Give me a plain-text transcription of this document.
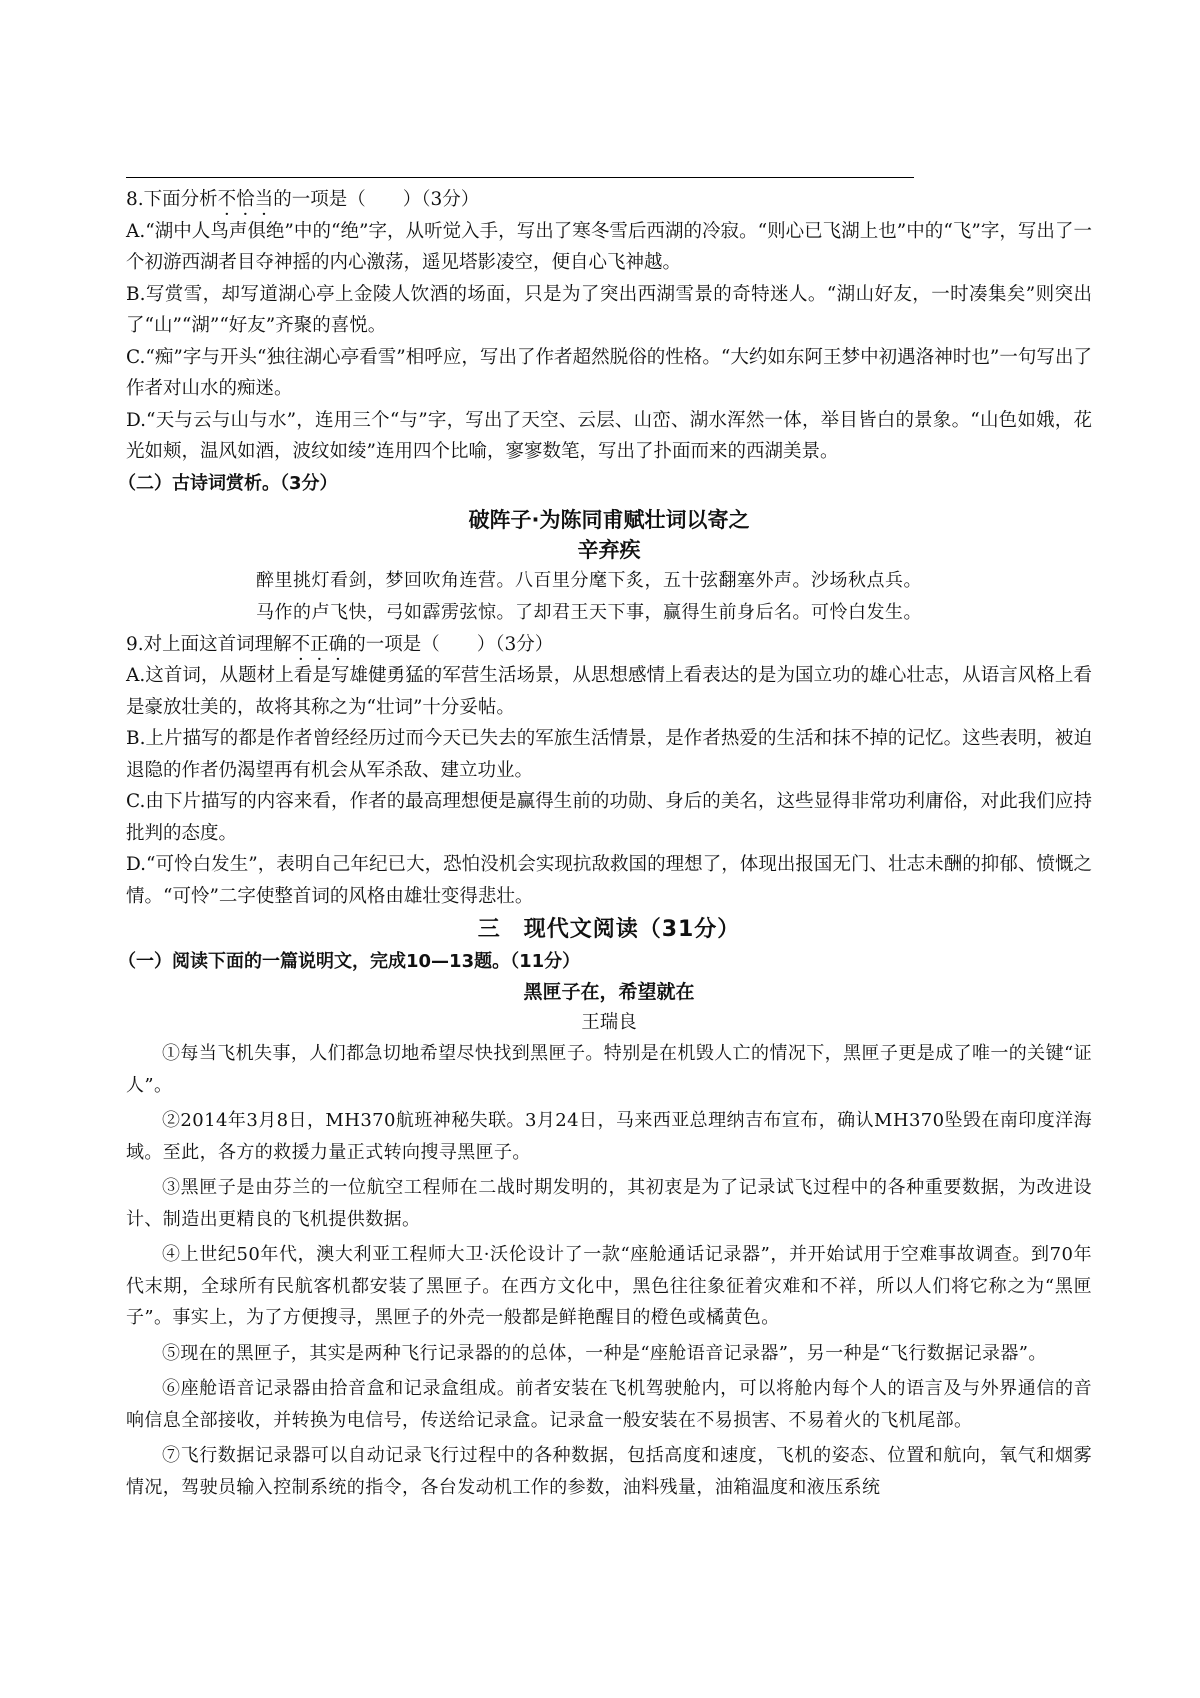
8.下面分析不恰当的一项是（　　）（3分）

A.“湖中人鸟声俱绝”中的“绝”字，从听觉入手，写出了寒冬雪后西湖的冷寂。“则心已飞湖上也”中的“飞”字，写出了一个初游西湖者目夺神摇的内心激荡，遥见塔影凌空，便自心飞神越。

B.写赏雪，却写道湖心亭上金陵人饮酒的场面，只是为了突出西湖雪景的奇特迷人。“湖山好友，一时凑集矣”则突出了“山”“湖”“好友”齐聚的喜悦。

C.“痴”字与开头“独往湖心亭看雪”相呼应，写出了作者超然脱俗的性格。“大约如东阿王梦中初遇洛神时也”一句写出了作者对山水的痴迷。

D.“天与云与山与水”，连用三个“与”字，写出了天空、云层、山峦、湖水浑然一体，举目皆白的景象。“山色如娥，花光如颊，温风如酒，波纹如绫”连用四个比喻，寥寥数笔，写出了扑面而来的西湖美景。

（二）古诗词赏析。（3分）

破阵子·为陈同甫赋壮词以寄之

辛弃疾

醉里挑灯看剑，梦回吹角连营。八百里分麾下炙，五十弦翻塞外声。沙场秋点兵。

马作的卢飞快，弓如霹雳弦惊。了却君王天下事，赢得生前身后名。可怜白发生。

9.对上面这首词理解不正确的一项是（　　）（3分）

A.这首词，从题材上看是写雄健勇猛的军营生活场景，从思想感情上看表达的是为国立功的雄心壮志，从语言风格上看是豪放壮美的，故将其称之为“壮词”十分妥帖。

B.上片描写的都是作者曾经经历过而今天已失去的军旅生活情景，是作者热爱的生活和抹不掉的记忆。这些表明，被迫退隐的作者仍渴望再有机会从军杀敌、建立功业。

C.由下片描写的内容来看，作者的最高理想便是赢得生前的功勋、身后的美名，这些显得非常功利庸俗，对此我们应持批判的态度。

D.“可怜白发生”，表明自己年纪已大，恐怕没机会实现抗敌救国的理想了，体现出报国无门、壮志未酬的抑郁、愤慨之情。“可怜”二字使整首词的风格由雄壮变得悲壮。

三　现代文阅读（31分）

（一）阅读下面的一篇说明文，完成10—13题。（11分）

黑匣子在，希望就在

王瑞良

①每当飞机失事，人们都急切地希望尽快找到黑匣子。特别是在机毁人亡的情况下，黑匣子更是成了唯一的关键“证人”。

②2014年3月8日，MH370航班神秘失联。3月24日，马来西亚总理纳吉布宣布，确认MH370坠毁在南印度洋海域。至此，各方的救援力量正式转向搜寻黑匣子。

③黑匣子是由芬兰的一位航空工程师在二战时期发明的，其初衷是为了记录试飞过程中的各种重要数据，为改进设计、制造出更精良的飞机提供数据。

④上世纪50年代，澳大利亚工程师大卫·沃伦设计了一款“座舱通话记录器”，并开始试用于空难事故调查。到70年代末期，全球所有民航客机都安装了黑匣子。在西方文化中，黑色往往象征着灾难和不祥，所以人们将它称之为“黑匣子”。事实上，为了方便搜寻，黑匣子的外壳一般都是鲜艳醒目的橙色或橘黄色。

⑤现在的黑匣子，其实是两种飞行记录器的的总体，一种是“座舱语音记录器”，另一种是“飞行数据记录器”。

⑥座舱语音记录器由拾音盒和记录盒组成。前者安装在飞机驾驶舱内，可以将舱内每个人的语言及与外界通信的音响信息全部接收，并转换为电信号，传送给记录盒。记录盒一般安装在不易损害、不易着火的飞机尾部。

⑦飞行数据记录器可以自动记录飞行过程中的各种数据，包括高度和速度，飞机的姿态、位置和航向，氧气和烟雾情况，驾驶员输入控制系统的指令，各台发动机工作的参数，油料残量，油箱温度和液压系统
